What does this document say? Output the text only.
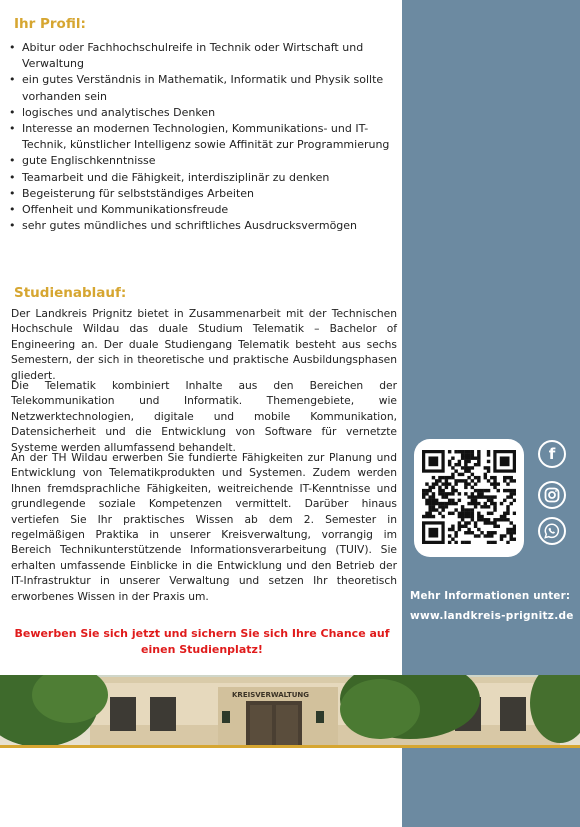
Ihr Profil:
• Abitur oder Fachhochschulreife in Technik oder Wirtschaft und Verwaltung
• ein gutes Verständnis in Mathematik, Informatik und Physik sollte vorhanden sein
• logisches und analytisches Denken
• Interesse an modernen Technologien, Kommunikations- und IT-Technik, künstlicher Intelligenz sowie Affinität zur Programmierung
• gute Englischkenntnisse
• Teamarbeit und die Fähigkeit, interdisziplinär zu denken
• Begeisterung für selbstständiges Arbeiten
• Offenheit und Kommunikationsfreude
• sehr gutes mündliches und schriftliches Ausdrucksvermögen
Studienablauf:

Der Landkreis Prignitz bietet in Zusammenarbeit mit der Technischen Hochschule Wildau das duale Studium Telematik – Bachelor of Engineering an. Der duale Studiengang Telematik besteht aus sechs Semestern, der sich in theoretische und praktische Ausbildungsphasen gliedert.

Die Telematik kombiniert Inhalte aus den Bereichen der Telekommunikation und Informatik. Themengebiete, wie Netzwerktechnologien, digitale und mobile Kommunikation, Datensicherheit und die Entwicklung von Software für vernetzte Systeme werden allumfassend behandelt.

An der TH Wildau erwerben Sie fundierte Fähigkeiten zur Planung und Entwicklung von Telematikprodukten und Systemen. Zudem werden Ihnen fremdsprachliche Fähigkeiten, weitreichende IT-Kenntnisse und grundlegende soziale Kompetenzen vermittelt. Darüber hinaus vertiefen Sie Ihr praktisches Wissen ab dem 2. Semester in regelmäßigen Praktika in unserer Kreisverwaltung, vorrangig im Bereich Technikunterstützende Informationsverarbeitung (TUIV). Sie erhalten umfassende Einblicke in die Entwicklung und den Betrieb der IT-Infrastruktur in unserer Verwaltung und setzen Ihr theoretisch erworbenes Wissen in der Praxis um.

Bewerben Sie sich jetzt und sichern Sie sich Ihre Chance auf
einen Studienplatz!
f
Mehr Informationen unter:
www.landkreis-prignitz.de
KREISVERWALTUNG
